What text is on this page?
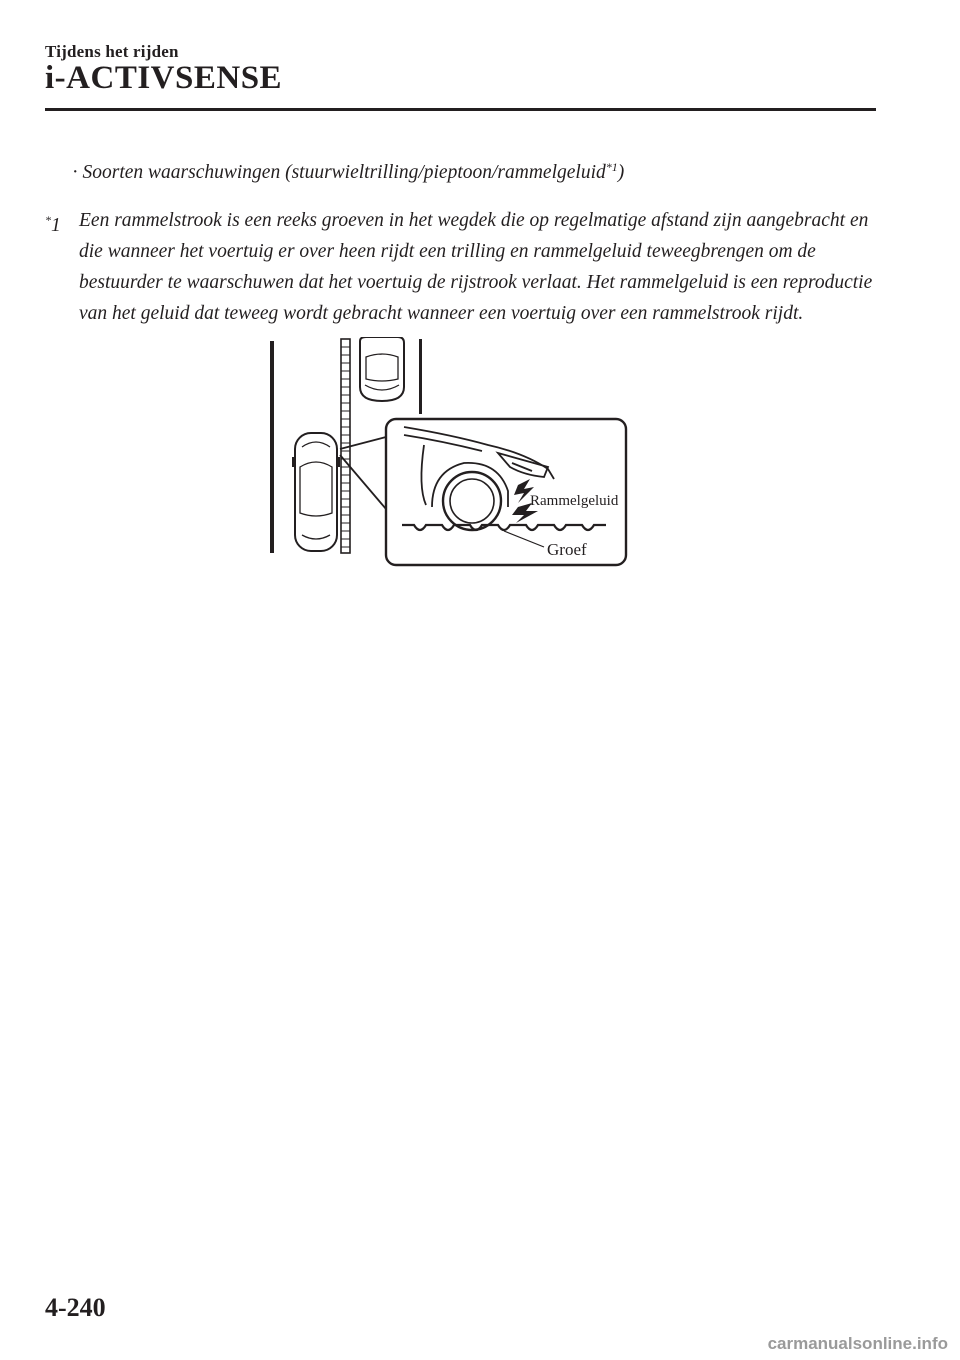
Tijdens het rijden
i-ACTIVSENSE
· Soorten waarschuwingen (stuurwieltrilling/pieptoon/rammelgeluid$^{*1}$)
*1 Een rammelstrook is een reeks groeven in het wegdek die op regelmatige afstand zijn aangebracht en die wanneer het voertuig er over heen rijdt een trilling en rammelgeluid teweegbrengen om de bestuurder te waarschuwen dat het voertuig de rijstrook verlaat. Het rammelgeluid is een reproductie van het geluid dat teweeg wordt gebracht wanneer een voertuig over een rammelstrook rijdt.
Rammelgeluid
Groef
4-240
carmanualsonline.info
